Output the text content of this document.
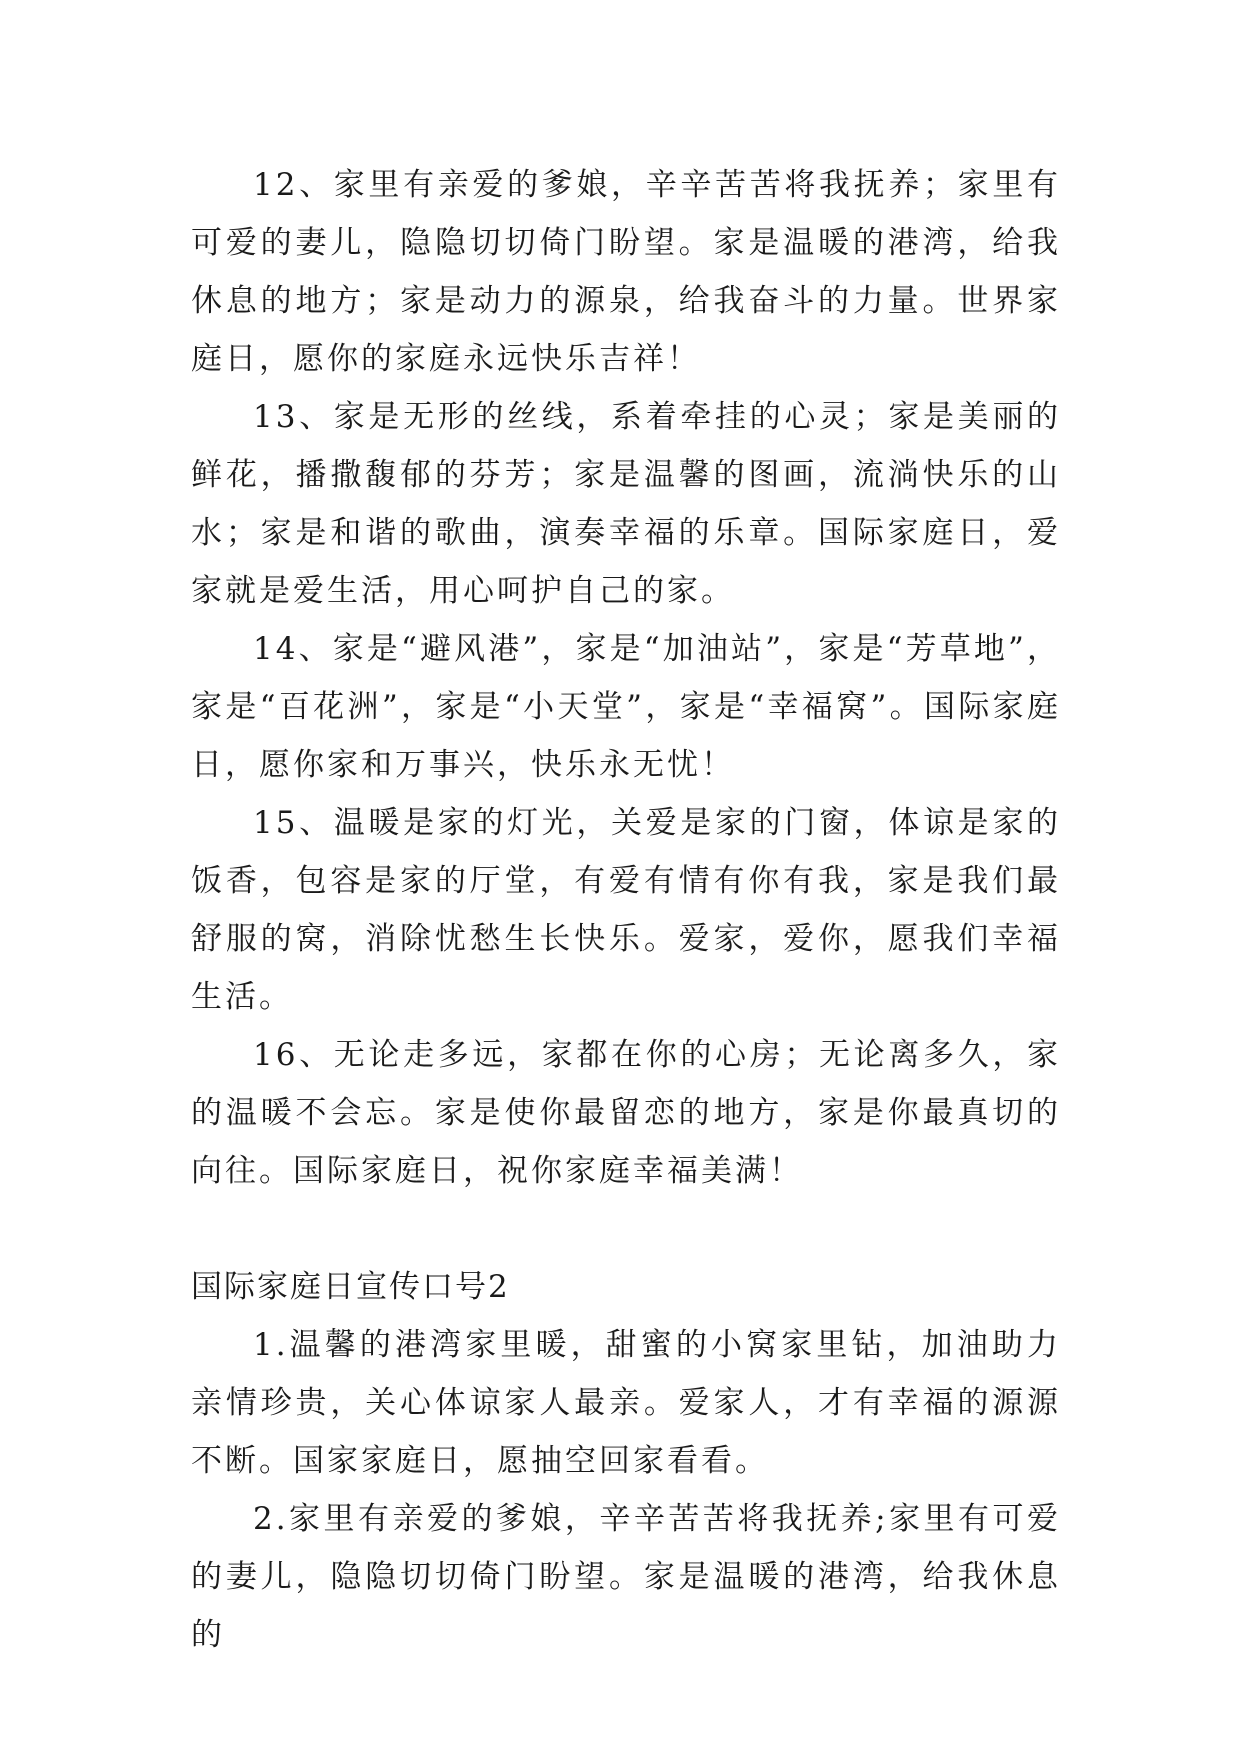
12、家里有亲爱的爹娘，辛辛苦苦将我抚养；家里有可爱的妻儿，隐隐切切倚门盼望。家是温暖的港湾，给我休息的地方；家是动力的源泉，给我奋斗的力量。世界家庭日，愿你的家庭永远快乐吉祥！

13、家是无形的丝线，系着牵挂的心灵；家是美丽的鲜花，播撒馥郁的芬芳；家是温馨的图画，流淌快乐的山水；家是和谐的歌曲，演奏幸福的乐章。国际家庭日，爱家就是爱生活，用心呵护自己的家。

14、家是“避风港”，家是“加油站”，家是“芳草地”，家是“百花洲”，家是“小天堂”，家是“幸福窝”。国际家庭日，愿你家和万事兴，快乐永无忧！

15、温暖是家的灯光，关爱是家的门窗，体谅是家的饭香，包容是家的厅堂，有爱有情有你有我，家是我们最舒服的窝，消除忧愁生长快乐。爱家，爱你，愿我们幸福生活。

16、无论走多远，家都在你的心房；无论离多久，家的温暖不会忘。家是使你最留恋的地方，家是你最真切的向往。国际家庭日，祝你家庭幸福美满！

国际家庭日宣传口号2

1.温馨的港湾家里暖，甜蜜的小窝家里钻，加油助力亲情珍贵，关心体谅家人最亲。爱家人，才有幸福的源源不断。国家家庭日，愿抽空回家看看。

2.家里有亲爱的爹娘，辛辛苦苦将我抚养;家里有可爱的妻儿，隐隐切切倚门盼望。家是温暖的港湾，给我休息的
